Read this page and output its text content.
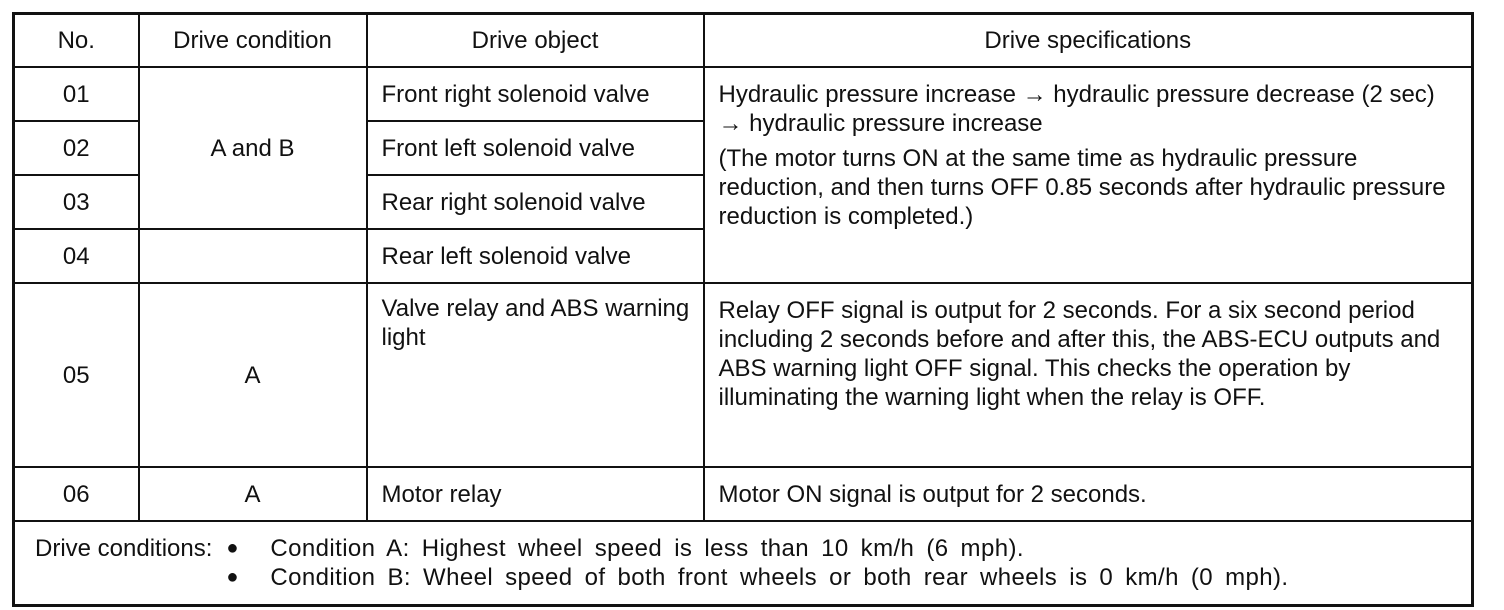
No.	Drive condition	Drive object	Drive specifications
01	A and B	Front right solenoid valve	Hydraulic pressure increase → hydraulic pressure decrease (2 sec) → hydraulic pressure increase
(The motor turns ON at the same time as hydraulic pressure reduction, and then turns OFF 0.85 seconds after hydraulic pressure reduction is completed.)

02		Front left solenoid valve	
03		Rear right solenoid valve	
04		Rear left solenoid valve	
05	A	Valve relay and ABS warning light	Relay OFF signal is output for 2 seconds. For a six second period including 2 seconds before and after this, the ABS-ECU outputs and ABS warning light OFF signal. This checks the operation by illuminating the warning light when the relay is OFF.
06	A	Motor relay	Motor ON signal is output for 2 seconds.

Drive conditions: ● Condition A: Highest wheel speed is less than 10 km/h (6 mph).
● Condition B: Wheel speed of both front wheels or both rear wheels is 0 km/h (0 mph).			
